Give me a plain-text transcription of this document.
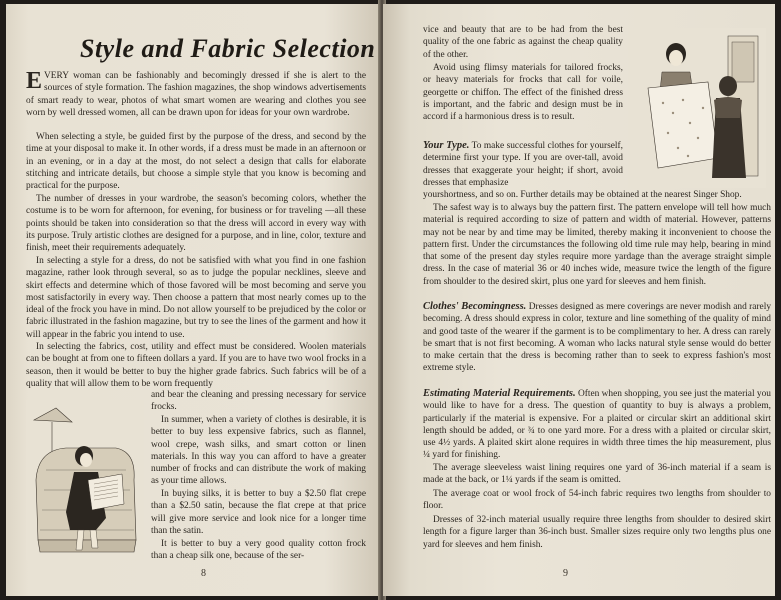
Style and Fabric Selection

EVERY woman can be fashionably and becomingly dressed if she is alert to the sources of style formation. The fashion magazines, the shop windows advertisements of smart ready to wear, photos of what smart women are wearing and clothes you see worn by well dressed women, all can be drawn upon for ideas for your own wardrobe.

When selecting a style, be guided first by the purpose of the dress, and second by the time at your disposal to make it. In other words, if a dress must be made in an afternoon or in an evening, or in a day at the most, do not select a design that calls for elaborate stitching and intricate details, but choose a simple style that you know is becoming and practical for the purpose.

The number of dresses in your wardrobe, the season's becoming colors, whether the costume is to be worn for afternoon, for evening, for business or for traveling —all these points should be taken into consideration so that the dress will accord in every way with its purpose. Truly artistic clothes are designed for a purpose, and in line, color, texture and finish, meet their requirements adequately.

In selecting a style for a dress, do not be satisfied with what you find in one fashion magazine, rather look through several, so as to judge the popular necklines, sleeve and skirt effects and determine which of those favored will be most becoming and serve you most satisfactorily in every way. Then choose a pattern that most nearly comes up to the ideal of the frock you have in mind. Do not allow yourself to be prejudiced by the color or fabric illustrated in the fashion magazine, but try to see the lines of the garment and how it will appear in the fabric you intend to use.

In selecting the fabrics, cost, utility and effect must be considered. Woolen materials can be bought at from one to fifteen dollars a yard. If you are to have two wool frocks in a season, then it would be better to buy the higher grade fabrics. Such fabrics will be of a quality that will allow them to be worn frequently

and bear the cleaning and pressing necessary for service frocks.

In summer, when a variety of clothes is desirable, it is better to buy less expensive fabrics, such as flannel, wool crepe, wash silks, and smart cotton or linen materials. In this way you can afford to have a greater number of frocks and can distribute the work of making as your time allows.

In buying silks, it is better to buy a $2.50 flat crepe than a $2.50 satin, because the flat crepe at that price will give more service and look nice for a longer time than the satin.

It is better to buy a very good quality cotton frock than a cheap silk one, because of the ser-

8

vice and beauty that are to be had from the best quality of the one fabric as against the cheap quality of the other.

Avoid using flimsy materials for tailored frocks, or heavy materials for frocks that call for voile, georgette or chiffon. The effect of the finished dress is important, and the fabric and design must be in accord if a harmonious dress is to result.

Your Type. To make successful clothes for yourself, determine first your type. If you are over-tall, avoid dresses that exaggerate your height; if short, avoid dresses that emphasize

yourshortness, and so on. Further details may be obtained at the nearest Singer Shop.

The safest way is to always buy the pattern first. The pattern envelope will tell how much material is required according to size of pattern and width of material. However, patterns may not be near by and time may be limited, thereby making it inconvenient to choose the pattern first. Under the circumstances the following old time rule may help, bearing in mind that some of the present day styles require more yardage than the average straight simple dress. In the case of material 36 or 40 inches wide, measure twice the length of the figure from shoulder to the desired skirt, plus one yard for sleeves and hem finish.

Clothes' Becomingness. Dresses designed as mere coverings are never modish and rarely becoming. A dress should express in color, texture and line something of the quality of mind and good taste of the wearer if the garment is to be complimentary to her. A dress can rarely be smart that is not first becoming. A woman who lacks natural style sense would do better to make certain that the dress is becoming rather than to seek to express fashion's most extreme style.

Estimating Material Requirements. Often when shopping, you see just the material you would like to have for a dress. The question of quantity to buy is always a problem, particularly if the material is expensive. For a plaited or circular skirt an additional skirt length should be added, or ¾ to one yard more. For a dress with a plaited or circular skirt, use 4½ yards. A plaited skirt alone requires in width three times the hip measurement, plus ¼ yard for finishing.

The average sleeveless waist lining requires one yard of 36-inch material if a seam is made at the back, or 1¼ yards if the seam is omitted.

The average coat or wool frock of 54-inch fabric requires two lengths from shoulder to floor.

Dresses of 32-inch material usually require three lengths from shoulder to desired skirt length for a figure larger than 36-inch bust. Smaller sizes require only two lengths plus one yard for sleeves and hem finish.

9
